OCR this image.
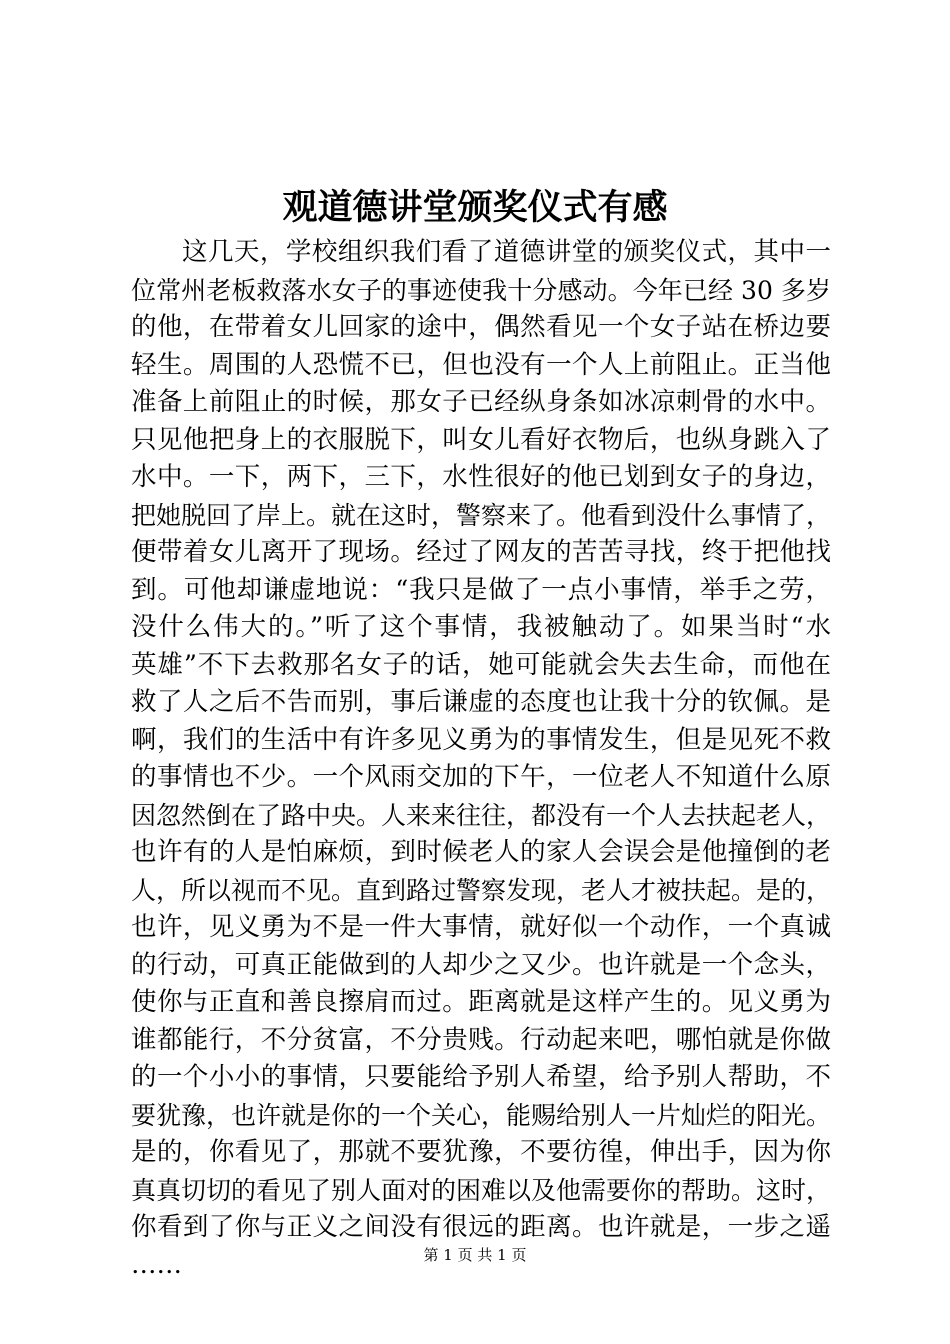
观道德讲堂颁奖仪式有感
这几天，学校组织我们看了道德讲堂的颁奖仪式，其中一
位常州老板救落水女子的事迹使我十分感动。今年已经 30 多岁
的他，在带着女儿回家的途中，偶然看见一个女子站在桥边要
轻生。周围的人恐慌不已，但也没有一个人上前阻止。正当他
准备上前阻止的时候，那女子已经纵身条如冰凉刺骨的水中。
只见他把身上的衣服脱下，叫女儿看好衣物后，也纵身跳入了
水中。一下，两下，三下，水性很好的他已划到女子的身边，
把她脱回了岸上。就在这时，警察来了。他看到没什么事情了，
便带着女儿离开了现场。经过了网友的苦苦寻找，终于把他找
到。可他却谦虚地说：“我只是做了一点小事情，举手之劳，
没什么伟大的。”听了这个事情，我被触动了。如果当时“水
英雄”不下去救那名女子的话，她可能就会失去生命，而他在
救了人之后不告而别，事后谦虚的态度也让我十分的钦佩。是
啊，我们的生活中有许多见义勇为的事情发生，但是见死不救
的事情也不少。一个风雨交加的下午，一位老人不知道什么原
因忽然倒在了路中央。人来来往往，都没有一个人去扶起老人，
也许有的人是怕麻烦，到时候老人的家人会误会是他撞倒的老
人，所以视而不见。直到路过警察发现，老人才被扶起。是的，
也许，见义勇为不是一件大事情，就好似一个动作，一个真诚
的行动，可真正能做到的人却少之又少。也许就是一个念头，
使你与正直和善良擦肩而过。距离就是这样产生的。见义勇为
谁都能行，不分贫富，不分贵贱。行动起来吧，哪怕就是你做
的一个小小的事情，只要能给予别人希望，给予别人帮助，不
要犹豫，也许就是你的一个关心，能赐给别人一片灿烂的阳光。
是的，你看见了，那就不要犹豫，不要彷徨，伸出手，因为你
真真切切的看见了别人面对的困难以及他需要你的帮助。这时，
你看到了你与正义之间没有很远的距离。也许就是，一步之遥
……	第 1 页 共 1 页
